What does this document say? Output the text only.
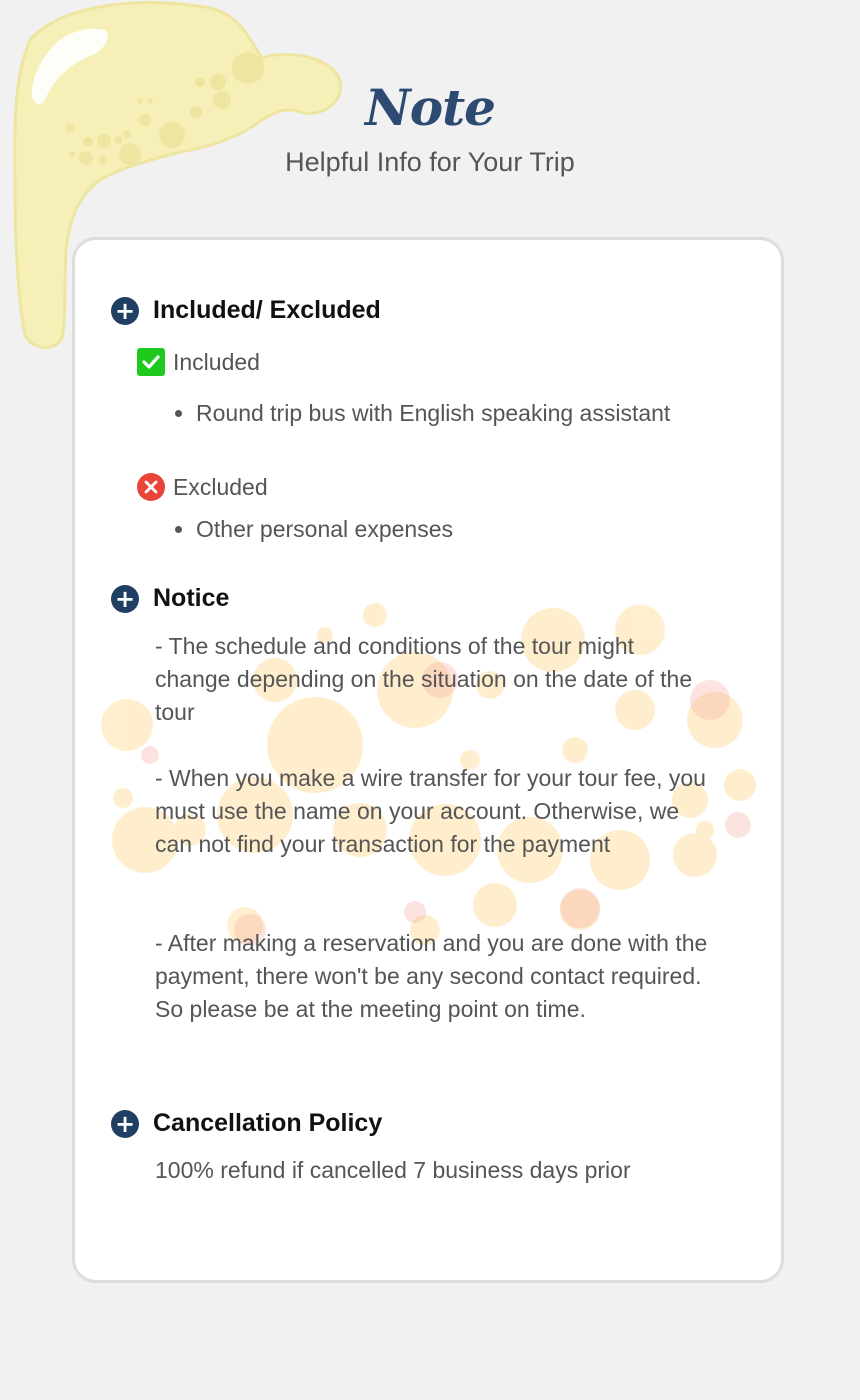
Note
Helpful Info for Your Trip
+ Included/ Excluded
Included
Round trip bus with English speaking assistant
Excluded
Other personal expenses
+ Notice
- The schedule and conditions of the tour might change depending on the situation on the date of the tour
- When you make a wire transfer for your tour fee, you must use the name on your account. Otherwise, we can not find your transaction for the payment
- After making a reservation and you are done with the payment, there won't be any second contact required. So please be at the meeting point on time.
+ Cancellation Policy
100% refund if cancelled 7 business days prior
